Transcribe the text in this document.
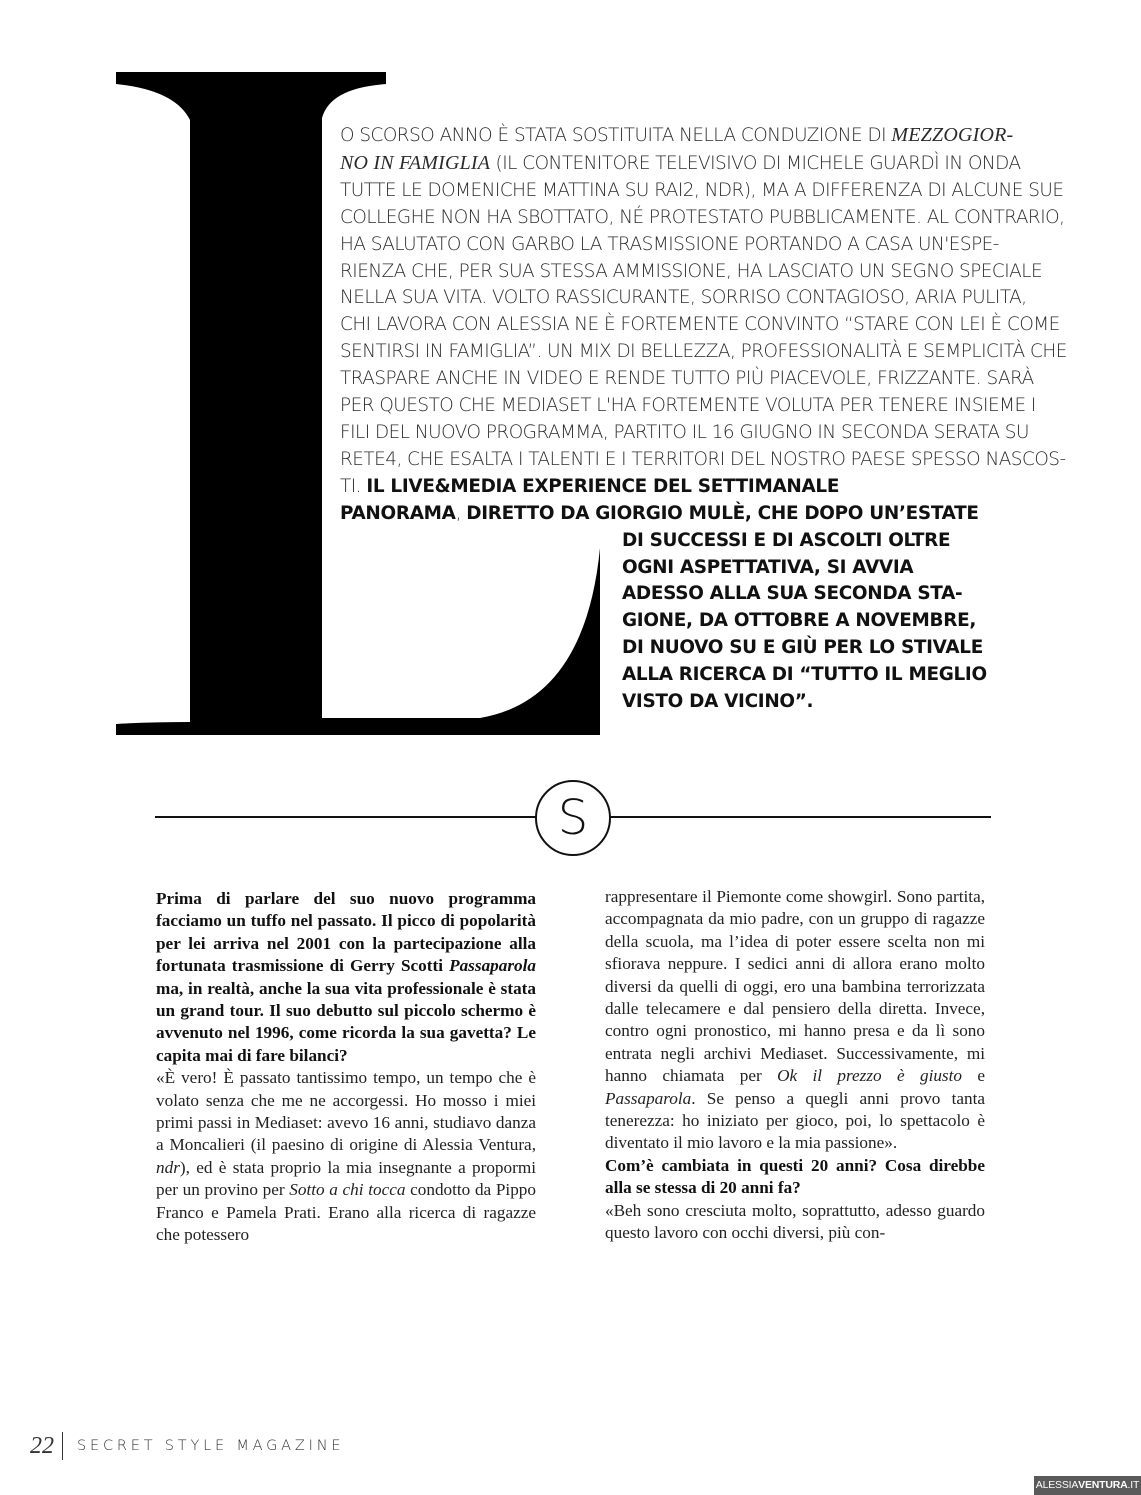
O SCORSO ANNO È STATA SOSTITUITA NELLA CONDUZIONE DI MEZZOGIOR-
NO IN FAMIGLIA (IL CONTENITORE TELEVISIVO DI MICHELE GUARDÌ IN ONDA
TUTTE LE DOMENICHE MATTINA SU RAI2, NDR), MA A DIFFERENZA DI ALCUNE SUE
COLLEGHE NON HA SBOTTATO, NÉ PROTESTATO PUBBLICAMENTE. AL CONTRARIO,
HA SALUTATO CON GARBO LA TRASMISSIONE PORTANDO A CASA UN'ESPE-
RIENZA CHE, PER SUA STESSA AMMISSIONE, HA LASCIATO UN SEGNO SPECIALE
NELLA SUA VITA. VOLTO RASSICURANTE, SORRISO CONTAGIOSO, ARIA PULITA,
CHI LAVORA CON ALESSIA NE È FORTEMENTE CONVINTO “STARE CON LEI È COME
SENTIRSI IN FAMIGLIA”. UN MIX DI BELLEZZA, PROFESSIONALITÀ E SEMPLICITÀ CHE
TRASPARE ANCHE IN VIDEO E RENDE TUTTO PIÙ PIACEVOLE, FRIZZANTE. SARÀ
PER QUESTO CHE MEDIASET L'HA FORTEMENTE VOLUTA PER TENERE INSIEME I
FILI DEL NUOVO PROGRAMMA, PARTITO IL 16 GIUGNO IN SECONDA SERATA SU
RETE4, CHE ESALTA I TALENTI E I TERRITORI DEL NOSTRO PAESE SPESSO NASCOS-
TI. IL LIVE&MEDIA EXPERIENCE DEL SETTIMANALE
PANORAMA, DIRETTO DA GIORGIO MULÈ, CHE DOPO UN’ESTATE
DI SUCCESSI E DI ASCOLTI OLTRE
OGNI ASPETTATIVA, SI AVVIA
ADESSO ALLA SUA SECONDA STA-
GIONE, DA OTTOBRE A NOVEMBRE,
DI NUOVO SU E GIÙ PER LO STIVALE
ALLA RICERCA DI “TUTTO IL MEGLIO
VISTO DA VICINO”.
S

Prima di parlare del suo nuovo programma facciamo un tuffo nel passato. Il picco di popolarità per lei arriva nel 2001 con la partecipazione alla fortunata trasmissione di Gerry Scotti Passaparola ma, in realtà, anche la sua vita professionale è stata un grand tour. Il suo debutto sul piccolo schermo è avvenuto nel 1996, come ricorda la sua gavetta? Le capita mai di fare bilanci?

«È vero! È passato tantissimo tempo, un tempo che è volato senza che me ne accorgessi. Ho mosso i miei primi passi in Mediaset: avevo 16 anni, studiavo danza a Moncalieri (il paesino di origine di Alessia Ventura, ndr), ed è stata proprio la mia insegnante a propormi per un provino per Sotto a chi tocca condotto da Pippo Franco e Pamela Prati. Erano alla ricerca di ragazze che potessero

rappresentare il Piemonte come showgirl. Sono partita, accompagnata da mio padre, con un gruppo di ragazze della scuola, ma l’idea di poter essere scelta non mi sfiorava neppure. I sedici anni di allora erano molto diversi da quelli di oggi, ero una bambina terrorizzata dalle telecamere e dal pensiero della diretta. Invece, contro ogni pronostico, mi hanno presa e da lì sono entrata negli archivi Mediaset. Successivamente, mi hanno chiamata per Ok il prezzo è giusto e Passaparola. Se penso a quegli anni provo tanta tenerezza: ho iniziato per gioco, poi, lo spettacolo è diventato il mio lavoro e la mia passione».

Com’è cambiata in questi 20 anni? Cosa direbbe alla se stessa di 20 anni fa?

«Beh sono cresciuta molto, soprattutto, adesso guardo questo lavoro con occhi diversi, più con-

22 SECRET STYLE MAGAZINE
ALESSIAVENTURA.IT
